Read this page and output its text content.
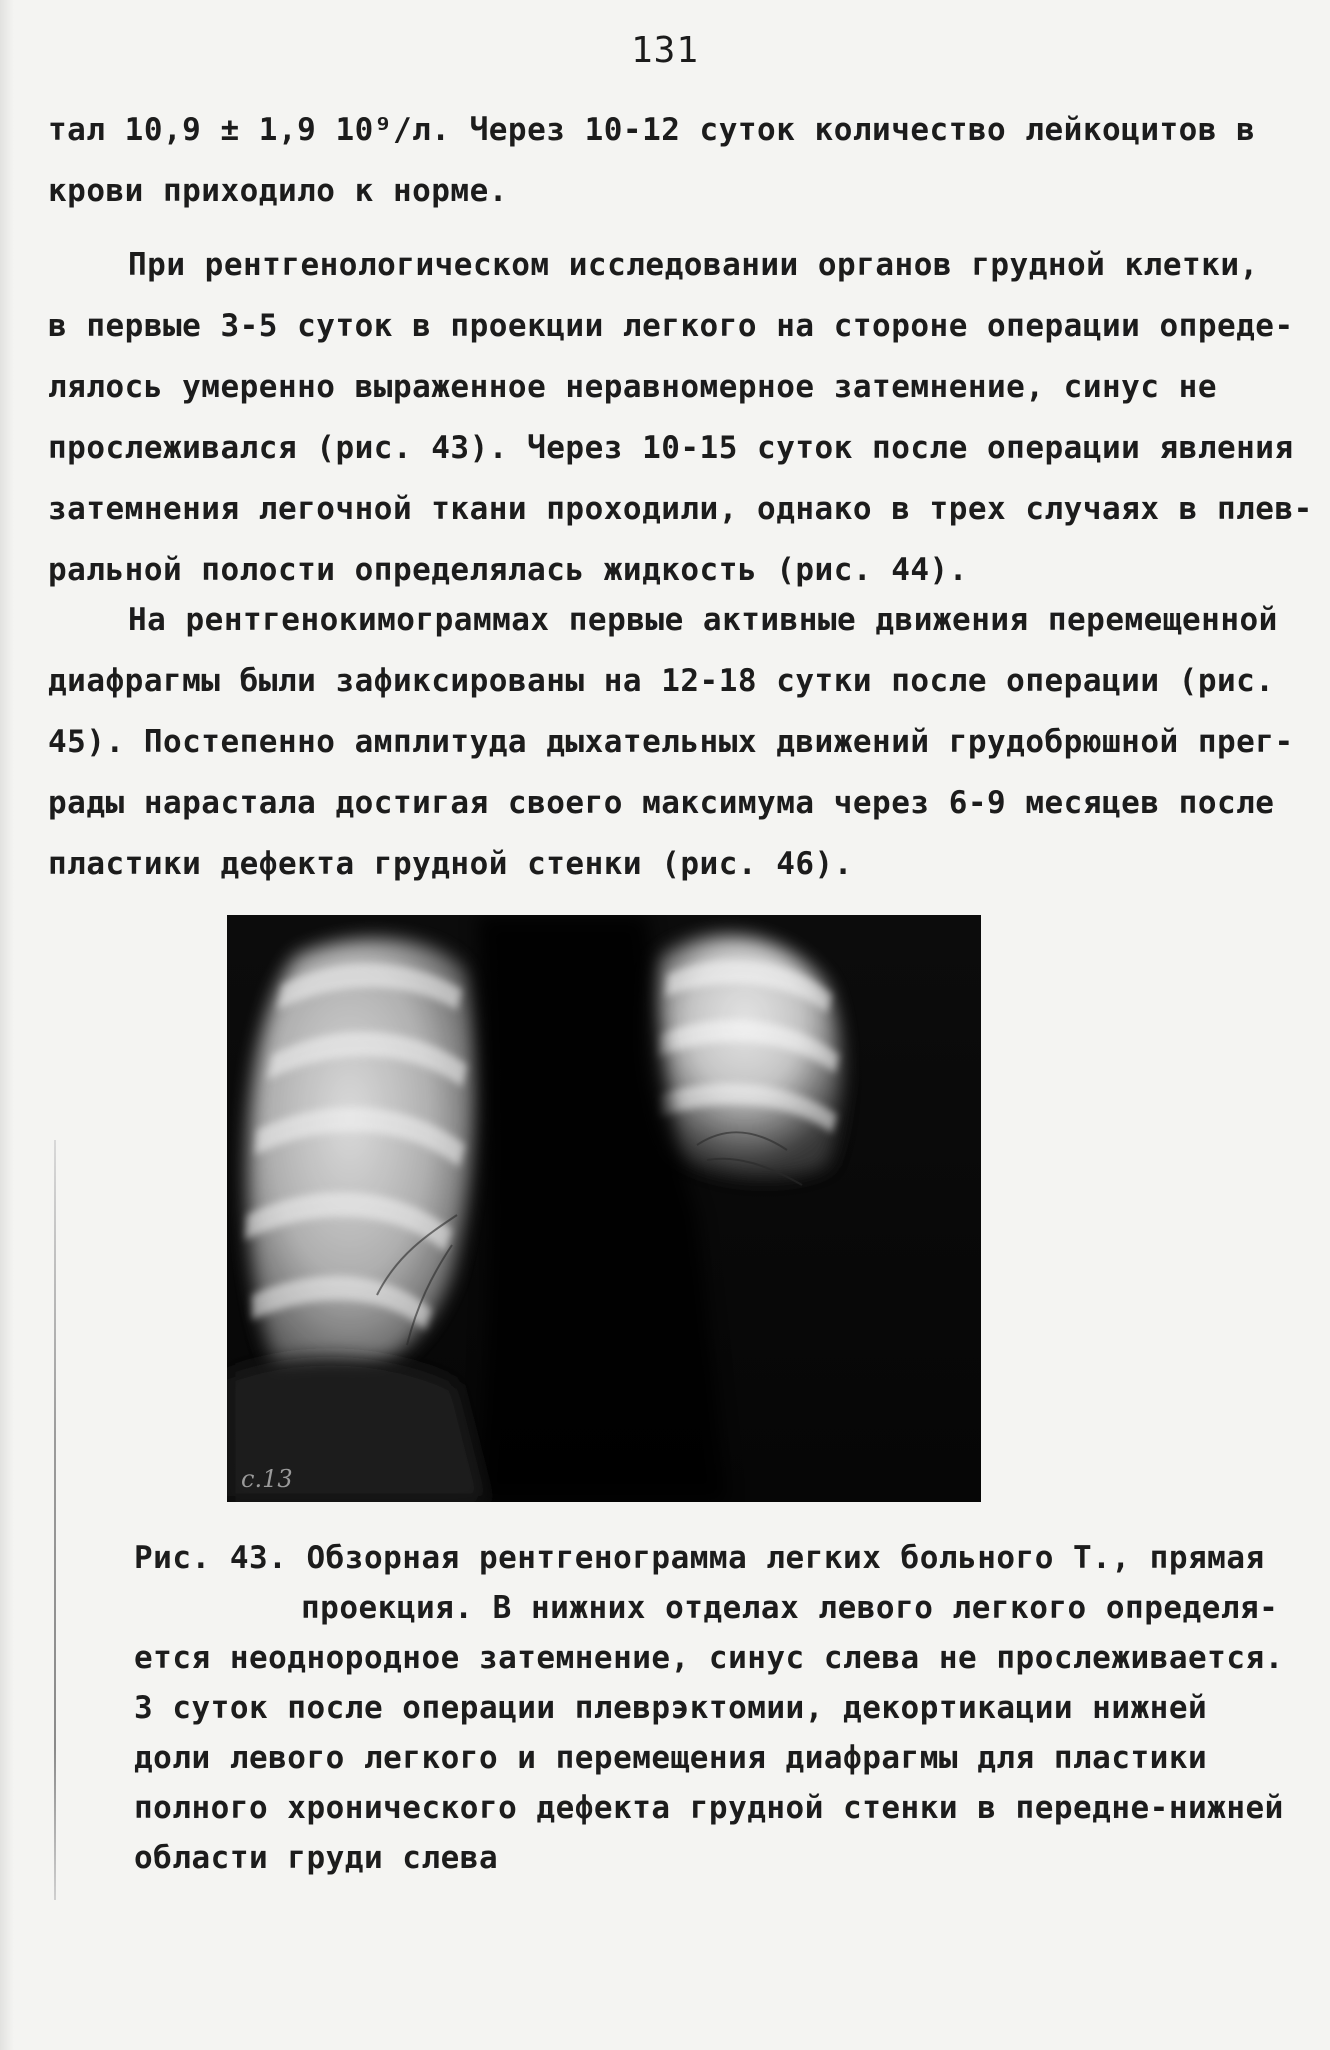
131
тал 10,9 ± 1,9 10⁹/л. Через 10-12 суток количество лейкоцитов в
крови приходило к норме.
При рентгенологическом исследовании органов грудной клетки,
в первые 3-5 суток в проекции легкого на стороне операции опреде-
лялось умеренно выраженное неравномерное затемнение, синус не
прослеживался (рис. 43). Через 10-15 суток после операции явления
затемнения легочной ткани проходили, однако в трех случаях в плев-
ральной полости определялась жидкость (рис. 44).
На рентгенокимограммах первые активные движения перемещенной
диафрагмы были зафиксированы на 12-18 сутки после операции (рис.
45). Постепенно амплитуда дыхательных движений грудобрюшной прег-
рады нарастала достигая своего максимума через 6-9 месяцев после
пластики дефекта грудной стенки (рис. 46).
c.13
Рис. 43. Обзорная рентгенограмма легких больного Т., прямая
проекция. В нижних отделах левого легкого определя-
ется неоднородное затемнение, синус слева не прослеживается.
3 суток после операции плеврэктомии, декортикации нижней
доли левого легкого и перемещения диафрагмы для пластики
полного хронического дефекта грудной стенки в передне-нижней
области груди слева
